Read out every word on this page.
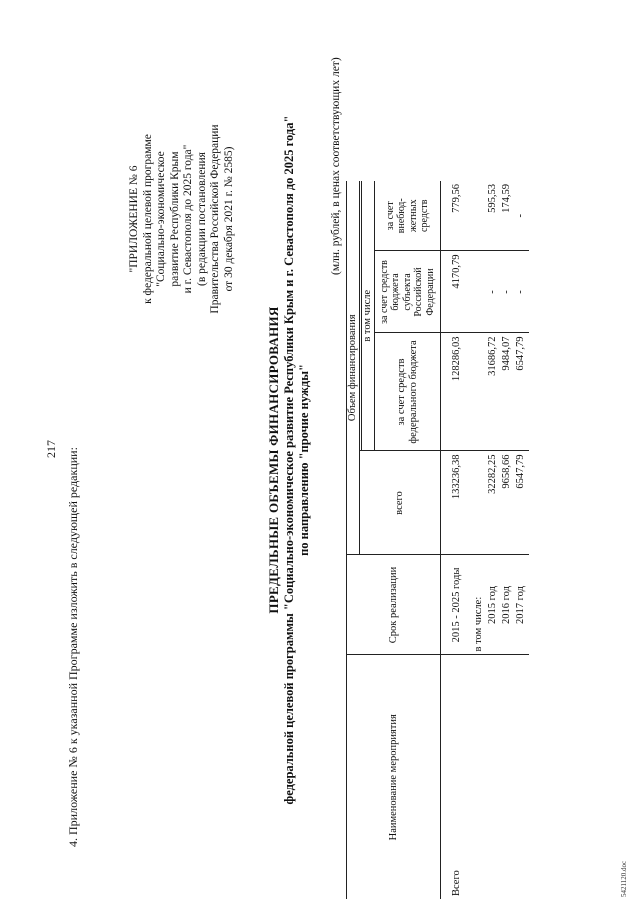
217 4. Приложение № 6 к указанной Программе изложить в следующей редакции:
"ПРИЛОЖЕНИЕ № 6 к федеральной целевой программе "Социально-экономическое развитие Республики Крым и г. Севастополя до 2025 года" (в редакции постановления Правительства Российской Федерации от 30 декабря 2021 г. № 2585)
ПРЕДЕЛЬНЫЕ ОБЪЕМЫ ФИНАНСИРОВАНИЯ федеральной целевой программы "Социально-экономическое развитие Республики Крым и г. Севастополя до 2025 года" по направлению "прочие нужды"
(млн. рублей, в ценах соответствующих лет)
Наименование мероприятия	Срок реализации	Объем финансирования			
		всего			
			в том числе		
			за счет средств федерального бюджета	за счет средств бюджета субъекта Российской Федерации	за счет внебюд-жетных средств
Всего	2015 - 2025 годы	133236,38	128286,03	4170,79	779,56
	в том числе:				
	2015 год	32282,25	31686,72	-	595,53
	2016 год	9658,66	9484,07	-	174,59
	2017 год	6547,79	6547,79	-	-
5421120.doc
